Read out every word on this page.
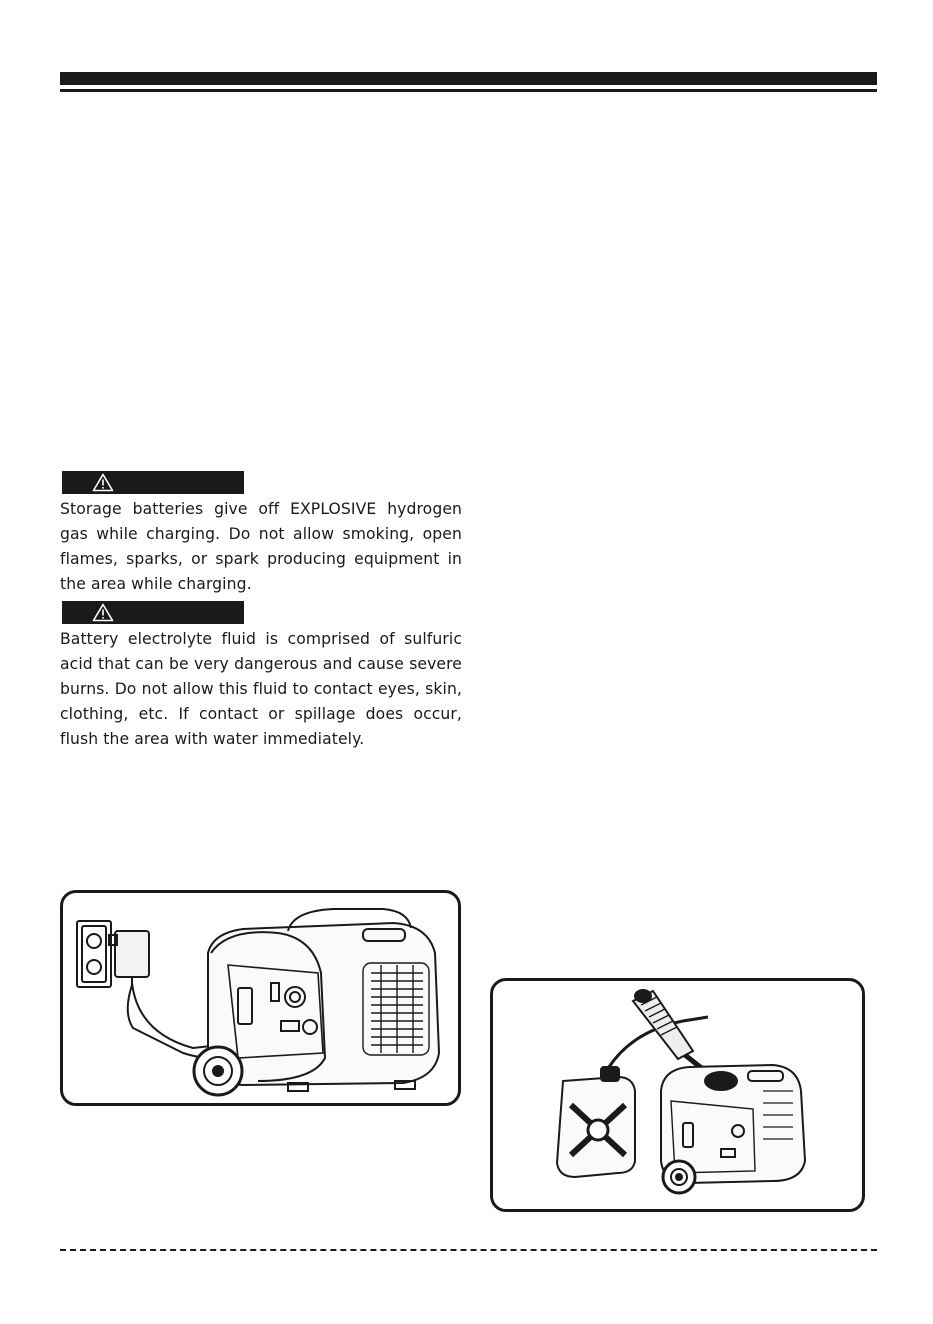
Storage batteries give off EXPLOSIVE hydrogen gas while charging. Do not allow smoking, open flames, sparks, or spark producing equipment in the area while charging.

Battery electrolyte fluid is comprised of sulfuric acid that can be very dangerous and cause severe burns. Do not allow this fluid to contact eyes, skin, clothing, etc. If contact or spillage does occur, flush the area with water immediately.
